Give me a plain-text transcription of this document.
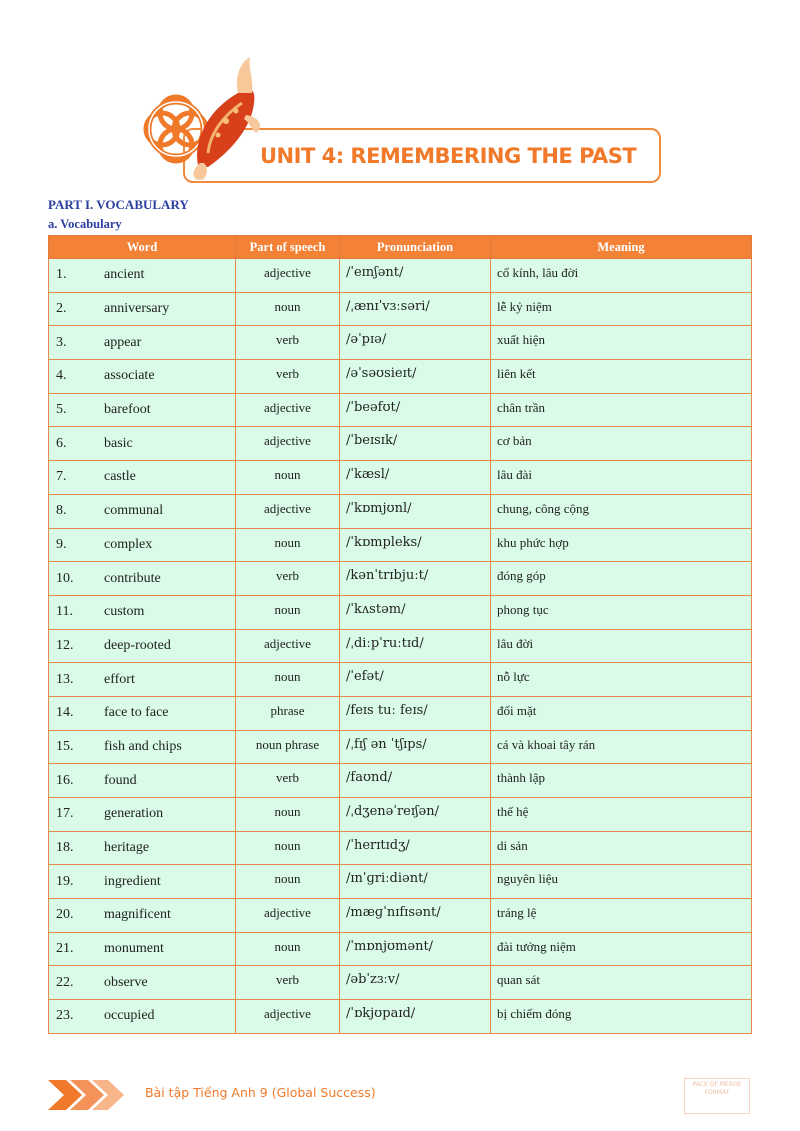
UNIT 4: REMEMBERING THE PAST
PART I. VOCABULARY
a. Vocabulary
Word	Part of speech	Pronunciation	Meaning
1. ancient	adjective	/ˈeɪnʃənt/	cổ kính, lâu đời
2. anniversary	noun	/ˌænɪˈvɜːsəri/	lễ kỷ niệm
3. appear	verb	/əˈpɪə/	xuất hiện
4. associate	verb	/əˈsəʊsieɪt/	liên kết
5. barefoot	adjective	/ˈbeəfʊt/	chân trần
6. basic	adjective	/ˈbeɪsɪk/	cơ bản
7. castle	noun	/ˈkæsl/	lâu đài
8. communal	adjective	/ˈkɒmjʊnl/	chung, công cộng
9. complex	noun	/ˈkɒmpleks/	khu phức hợp
10. contribute	verb	/kənˈtrɪbjuːt/	đóng góp
11. custom	noun	/ˈkʌstəm/	phong tục
12. deep-rooted	adjective	/ˌdiːpˈruːtɪd/	lâu đời
13. effort	noun	/ˈefət/	nỗ lực
14. face to face	phrase	/feɪs tuː feɪs/	đối mặt
15. fish and chips	noun phrase	/ˌfɪʃ ən ˈtʃɪps/	cá và khoai tây rán
16. found	verb	/faʊnd/	thành lập
17. generation	noun	/ˌdʒenəˈreɪʃən/	thế hệ
18. heritage	noun	/ˈherɪtɪdʒ/	di sản
19. ingredient	noun	/ɪnˈɡriːdiənt/	nguyên liệu
20. magnificent	adjective	/mæɡˈnɪfɪsənt/	tráng lệ
21. monument	noun	/ˈmɒnjʊmənt/	đài tưởng niệm
22. observe	verb	/əbˈzɜːv/	quan sát
23. occupied	adjective	/ˈɒkjʊpaɪd/	bị chiếm đóng
Bài tập Tiếng Anh 9 (Global Success)
PACK OF MERGE FORMAT
